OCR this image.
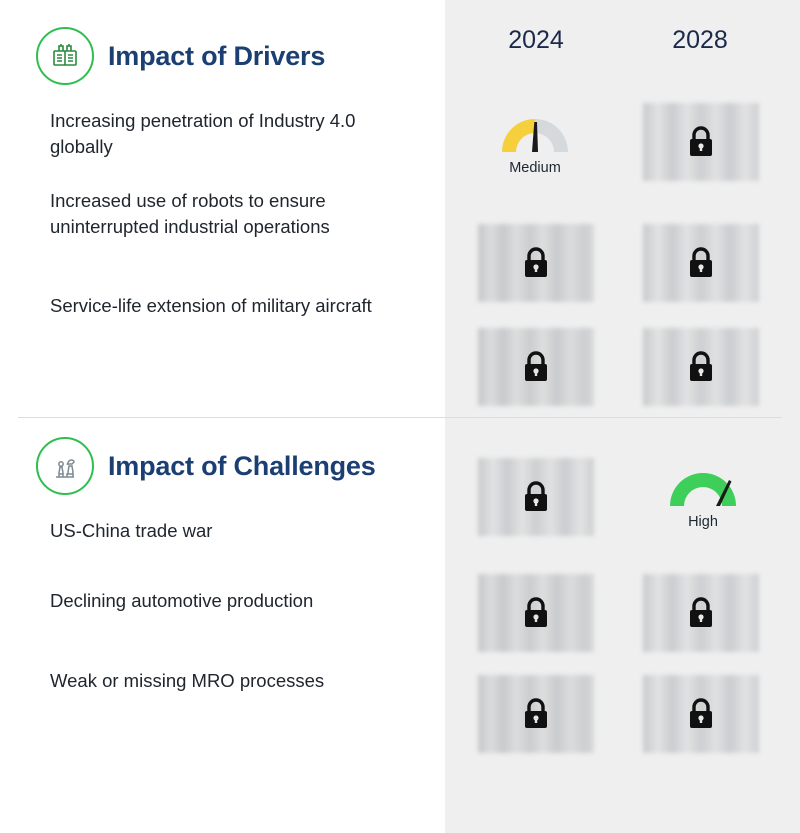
2024	2028
Impact of Drivers
Increasing penetration of Industry 4.0 globally
Increased use of robots to ensure uninterrupted industrial operations
Service-life extension of military aircraft
Impact of Challenges
US-China trade war
Declining automotive production
Weak or missing MRO processes
Medium
High
